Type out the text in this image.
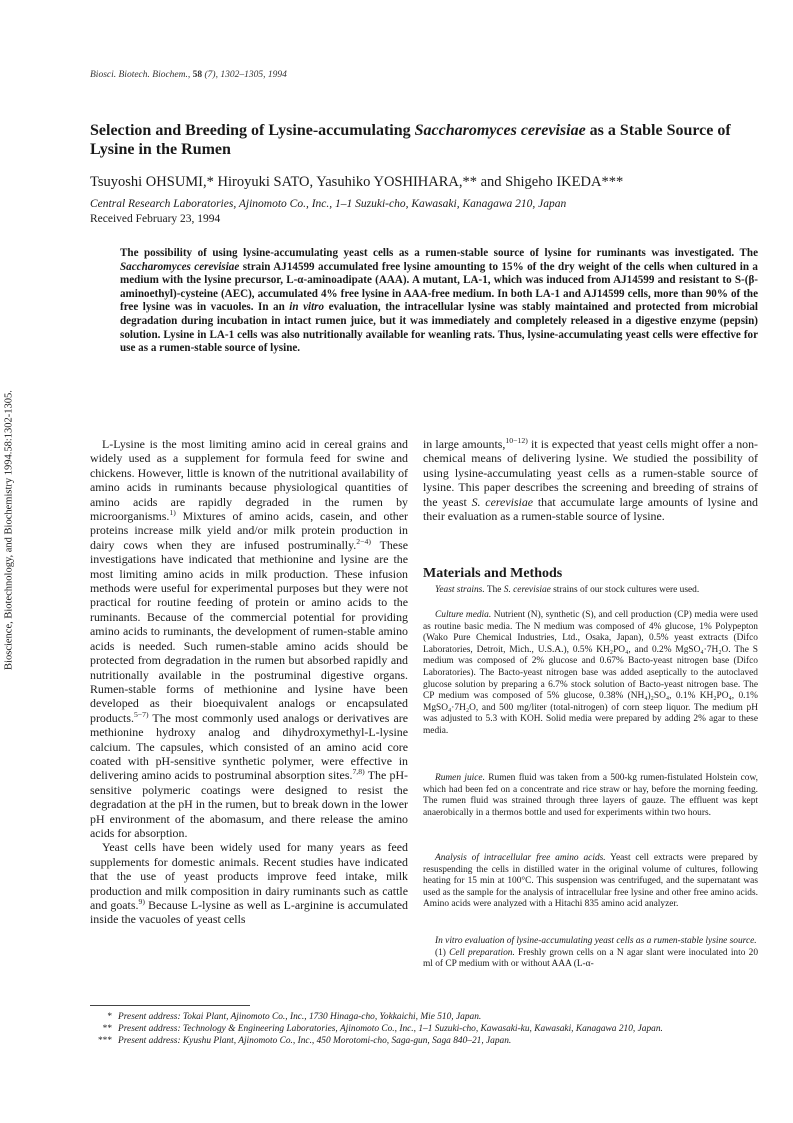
Biosci. Biotech. Biochem., 58 (7), 1302–1305, 1994
Bioscience, Biotechnology, and Biochemistry 1994.58:1302-1305.
Selection and Breeding of Lysine-accumulating Saccharomyces cerevisiae as a Stable Source of Lysine in the Rumen
Tsuyoshi OHSUMI,* Hiroyuki SATO, Yasuhiko YOSHIHARA,** and Shigeho IKEDA***
Central Research Laboratories, Ajinomoto Co., Inc., 1–1 Suzuki-cho, Kawasaki, Kanagawa 210, Japan
Received February 23, 1994
The possibility of using lysine-accumulating yeast cells as a rumen-stable source of lysine for ruminants was investigated. The Saccharomyces cerevisiae strain AJ14599 accumulated free lysine amounting to 15% of the dry weight of the cells when cultured in a medium with the lysine precursor, L-α-aminoadipate (AAA). A mutant, LA-1, which was induced from AJ14599 and resistant to S-(β-aminoethyl)-cysteine (AEC), accumulated 4% free lysine in AAA-free medium. In both LA-1 and AJ14599 cells, more than 90% of the free lysine was in vacuoles. In an in vitro evaluation, the intracellular lysine was stably maintained and protected from microbial degradation during incubation in intact rumen juice, but it was immediately and completely released in a digestive enzyme (pepsin) solution. Lysine in LA-1 cells was also nutritionally available for weanling rats. Thus, lysine-accumulating yeast cells were effective for use as a rumen-stable source of lysine.

L-Lysine is the most limiting amino acid in cereal grains and widely used as a supplement for formula feed for swine and chickens. However, little is known of the nutritional availability of amino acids in ruminants because physiological quantities of amino acids are rapidly degraded in the rumen by microorganisms.$^{1)}$ Mixtures of amino acids, casein, and other proteins increase milk yield and/or milk protein production in dairy cows when they are infused postruminally.$^{2-4)}$ These investigations have indicated that methionine and lysine are the most limiting amino acids in milk production. These infusion methods were useful for experimental purposes but they were not practical for routine feeding of protein or amino acids to the ruminants. Because of the commercial potential for providing amino acids to ruminants, the development of rumen-stable amino acids is needed. Such rumen-stable amino acids should be protected from degradation in the rumen but absorbed rapidly and nutritionally available in the postruminal digestive organs. Rumen-stable forms of methionine and lysine have been developed as their bioequivalent analogs or encapsulated products.$^{5-7)}$ The most commonly used analogs or derivatives are methionine hydroxy analog and dihydroxymethyl-L-lysine calcium. The capsules, which consisted of an amino acid core coated with pH-sensitive synthetic polymer, were effective in delivering amino acids to postruminal absorption sites.$^{7,8)}$ The pH-sensitive polymeric coatings were designed to resist the degradation at the pH in the rumen, but to break down in the lower pH environment of the abomasum, and there release the amino acids for absorption.

Yeast cells have been widely used for many years as feed supplements for domestic animals. Recent studies have indicated that the use of yeast products improve feed intake, milk production and milk composition in dairy ruminants such as cattle and goats.$^{9)}$ Because L-lysine as well as L-arginine is accumulated inside the vacuoles of yeast cells

in large amounts,$^{10-12)}$ it is expected that yeast cells might offer a non-chemical means of delivering lysine. We studied the possibility of using lysine-accumulating yeast cells as a rumen-stable source of lysine. This paper describes the screening and breeding of strains of the yeast S. cerevisiae that accumulate large amounts of lysine and their evaluation as a rumen-stable source of lysine.

Materials and Methods

Yeast strains. The S. cerevisiae strains of our stock cultures were used.

Culture media. Nutrient (N), synthetic (S), and cell production (CP) media were used as routine basic media. The N medium was composed of 4% glucose, 1% Polypepton (Wako Pure Chemical Industries, Ltd., Osaka, Japan), 0.5% yeast extracts (Difco Laboratories, Detroit, Mich., U.S.A.), 0.5% KH₂PO₄, and 0.2% MgSO₄·7H₂O. The S medium was composed of 2% glucose and 0.67% Bacto-yeast nitrogen base (Difco Laboratories). The Bacto-yeast nitrogen base was added aseptically to the autoclaved glucose solution by preparing a 6.7% stock solution of Bacto-yeast nitrogen base. The CP medium was composed of 5% glucose, 0.38% (NH₄)₂SO₄, 0.1% KH₂PO₄, 0.1% MgSO₄·7H₂O, and 500 mg/liter (total-nitrogen) of corn steep liquor. The medium pH was adjusted to 5.3 with KOH. Solid media were prepared by adding 2% agar to these media.

Rumen juice. Rumen fluid was taken from a 500-kg rumen-fistulated Holstein cow, which had been fed on a concentrate and rice straw or hay, before the morning feeding. The rumen fluid was strained through three layers of gauze. The effluent was kept anaerobically in a thermos bottle and used for experiments within two hours.

Analysis of intracellular free amino acids. Yeast cell extracts were prepared by resuspending the cells in distilled water in the original volume of cultures, following heating for 15 min at 100°C. This suspension was centrifuged, and the supernatant was used as the sample for the analysis of intracellular free lysine and other free amino acids. Amino acids were analyzed with a Hitachi 835 amino acid analyzer.

In vitro evaluation of lysine-accumulating yeast cells as a rumen-stable lysine source.

(1) Cell preparation. Freshly grown cells on a N agar slant were inoculated into 20 ml of CP medium with or without AAA (L-α-

* Present address: Tokai Plant, Ajinomoto Co., Inc., 1730 Hinaga-cho, Yokkaichi, Mie 510, Japan.
** Present address: Technology & Engineering Laboratories, Ajinomoto Co., Inc., 1–1 Suzuki-cho, Kawasaki-ku, Kawasaki, Kanagawa 210, Japan.
*** Present address: Kyushu Plant, Ajinomoto Co., Inc., 450 Morotomi-cho, Saga-gun, Saga 840–21, Japan.
